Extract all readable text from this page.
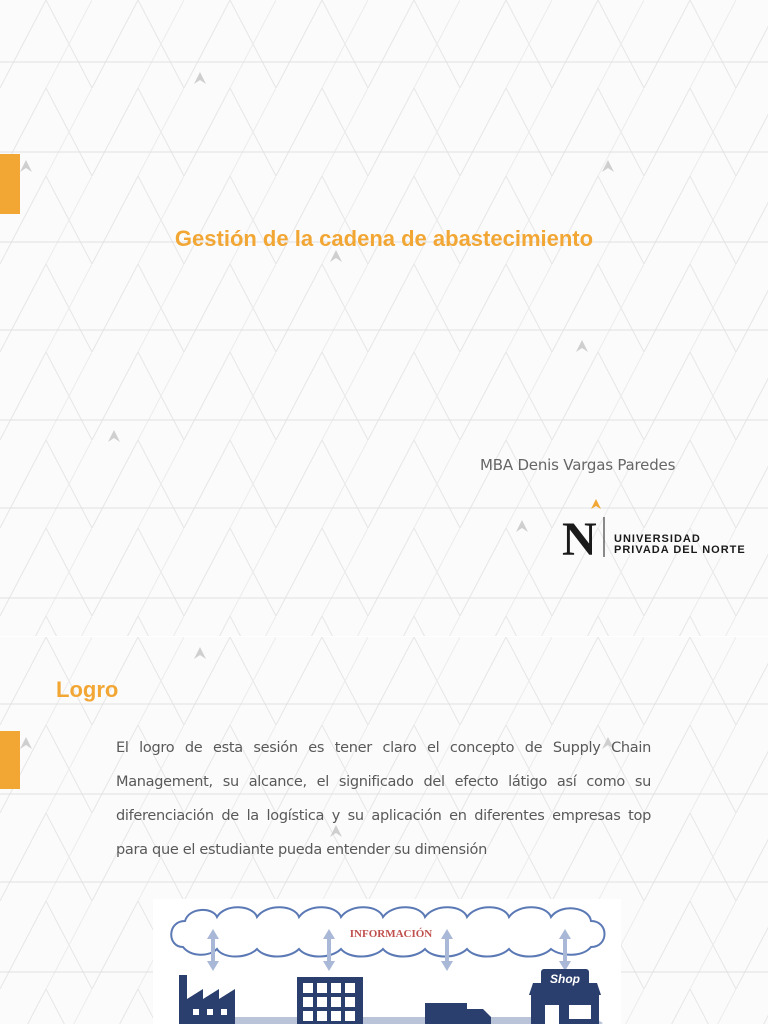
Gestión de la cadena de abastecimiento
MBA Denis Vargas Paredes
N UNIVERSIDAD
PRIVADA DEL NORTE
Logro

El logro de esta sesión es tener claro el concepto de Supply Chain Management, su alcance, el significado del efecto látigo así como su diferenciación de la logística y su aplicación en diferentes empresas top para que el estudiante pueda entender su dimensión

INFORMACIÓN
Shop
